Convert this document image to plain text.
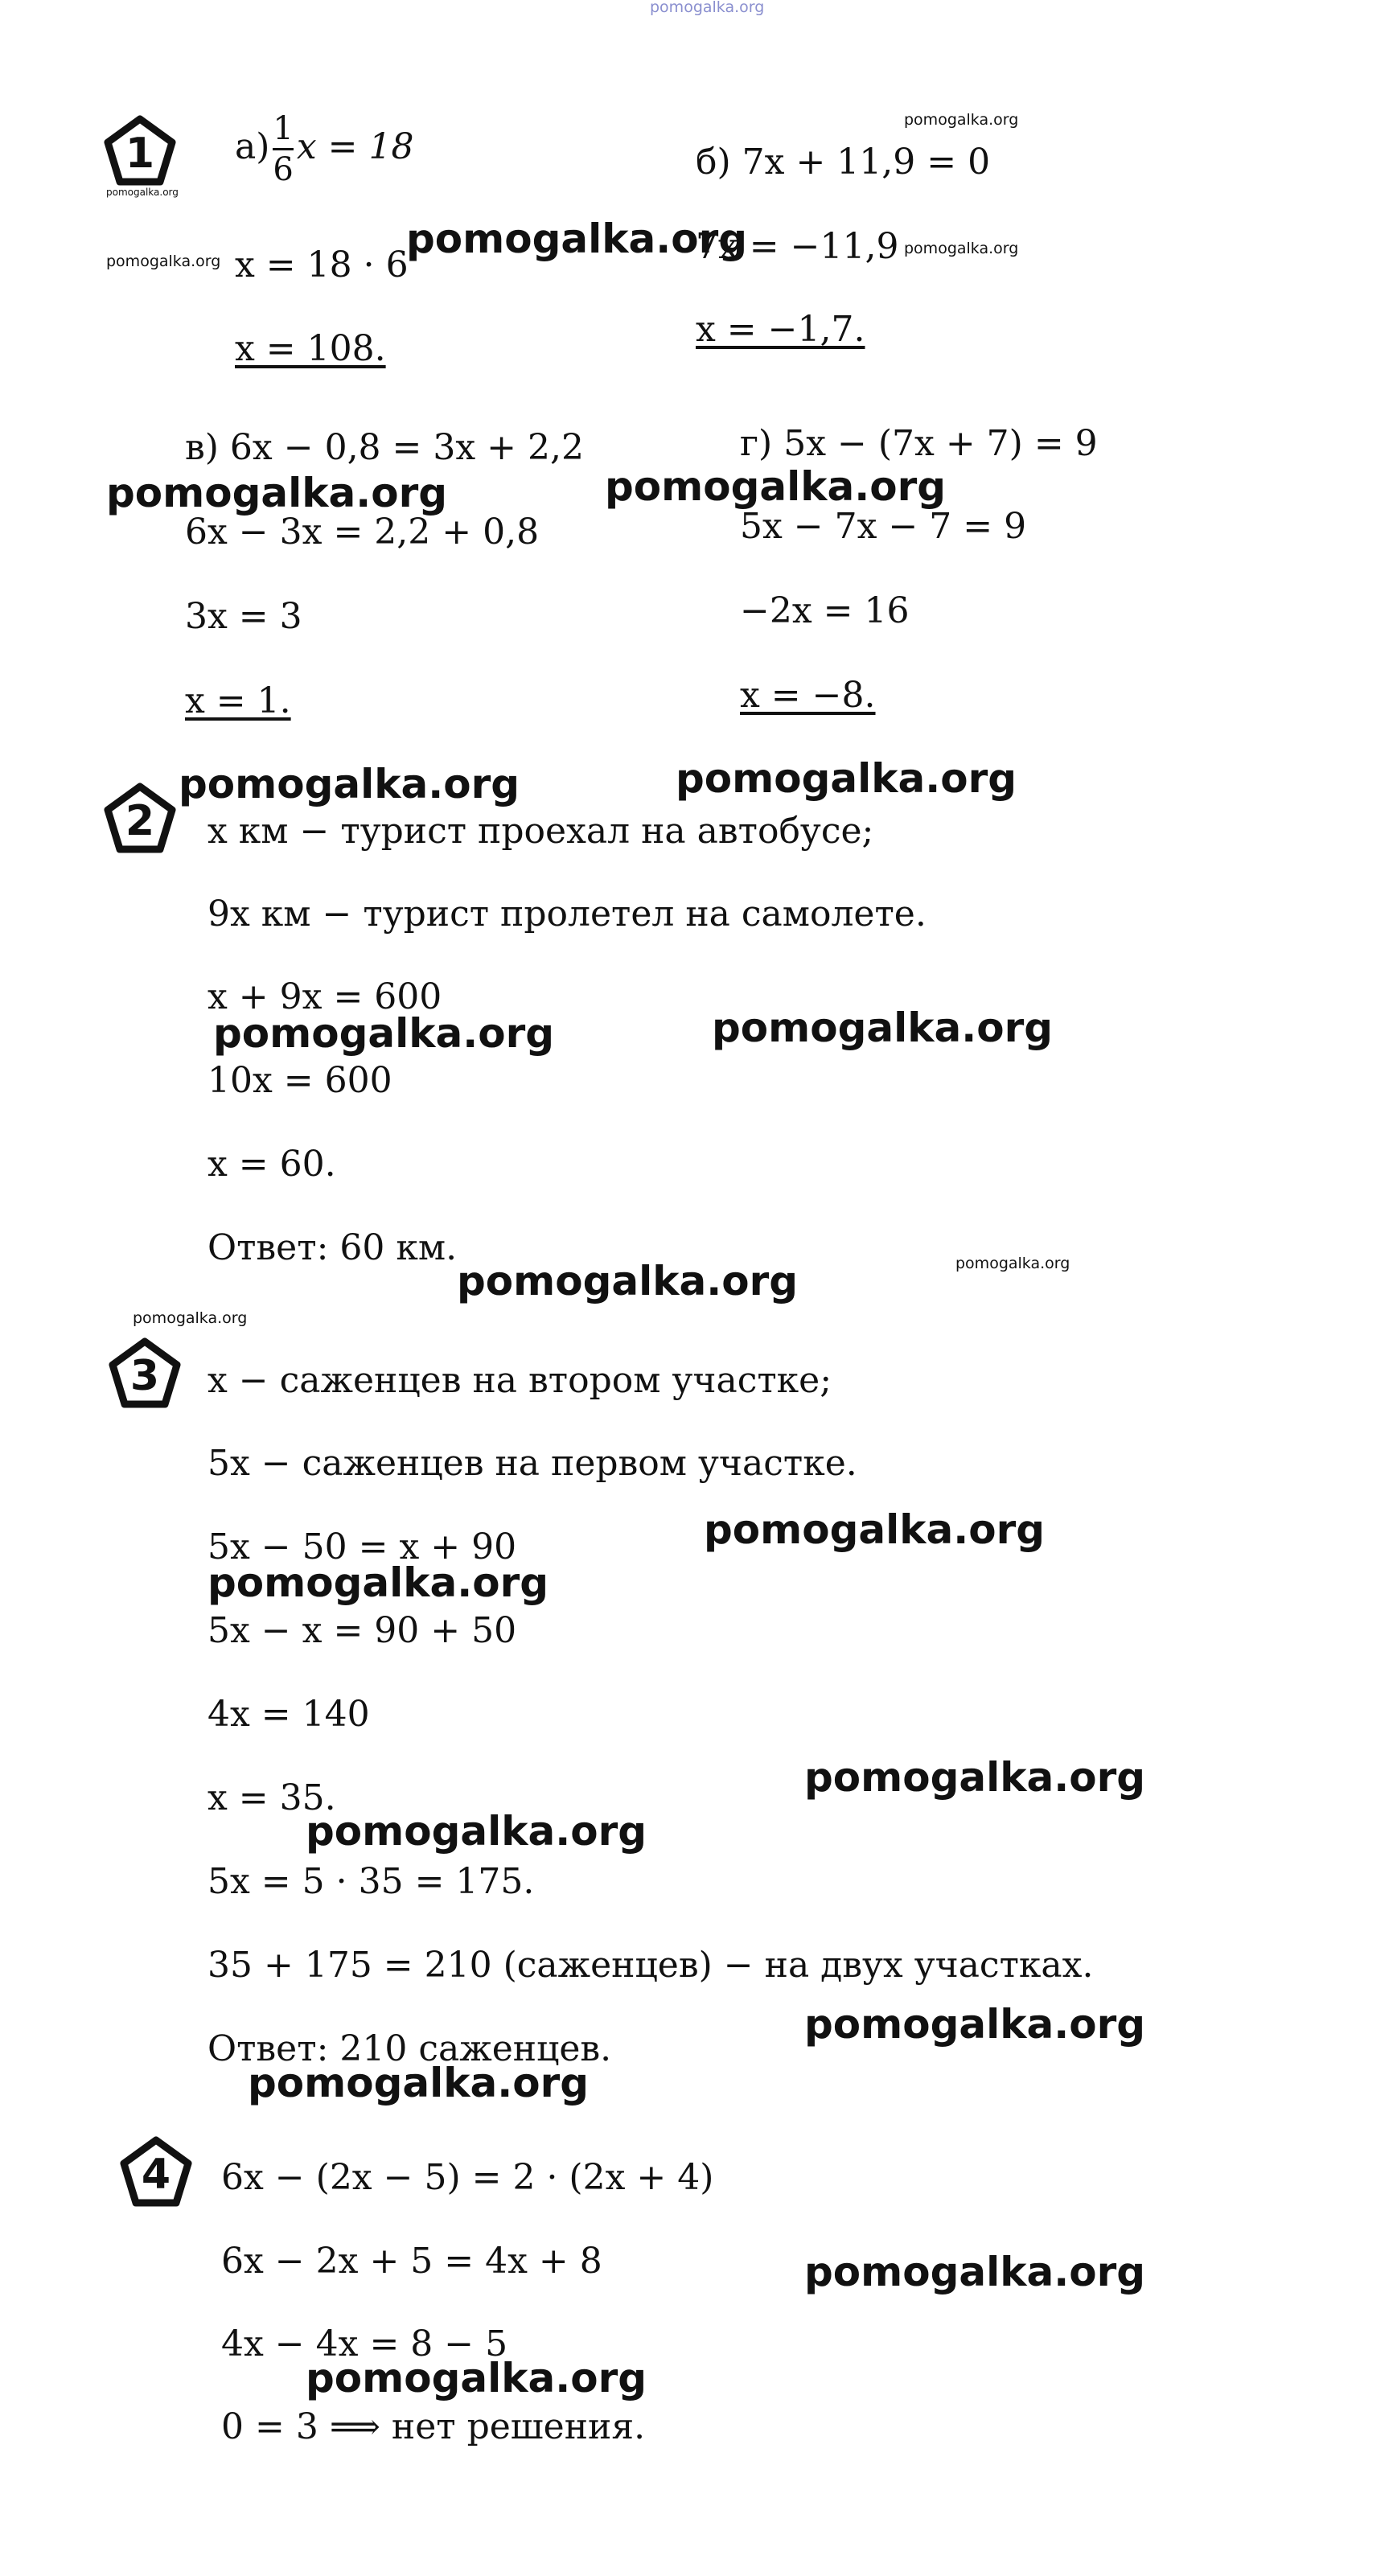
pomogalka.org
1
pomogalka.org
$а) \frac{1}{6}$ x = 18
x = 18 · 6
x = 108.
pomogalka.org
б) 7x + 11,9 = 0
7x = −11,9 pomogalka.org
x = −1,7.
pomogalka.org	pomogalka.org
в) 6x − 0,8 = 3x + 2,2
pomogalka.org
6x − 3x = 2,2 + 0,8
3x = 3
x = 1.
г) 5x − (7x + 7) = 9
pomogalka.org
5x − 7x − 7 = 9
−2x = 16
x = −8.
pomogalka.org	pomogalka.org
2	x км − турист проехал на автобусе;
9x км − турист пролетел на самолете.
x + 9x = 600
pomogalka.org	pomogalka.org
10x = 600
x = 60.
Ответ: 60 км.
pomogalka.org	pomogalka.org
pomogalka.org
3	x − саженцев на втором участке;
5x − саженцев на первом участке.
5x − 50 = x + 90	pomogalka.org
pomogalka.org
5x − x = 90 + 50
4x = 140
pomogalka.org
x = 35.
pomogalka.org
5x = 5 · 35 = 175.
35 + 175 = 210 (саженцев) − на двух участках.
pomogalka.org
Ответ: 210 саженцев.
pomogalka.org
4	6x − (2x − 5) = 2 · (2x + 4)
6x − 2x + 5 = 4x + 8	pomogalka.org
4x − 4x = 8 − 5
pomogalka.org
0 = 3 ⟹ нет решения.
